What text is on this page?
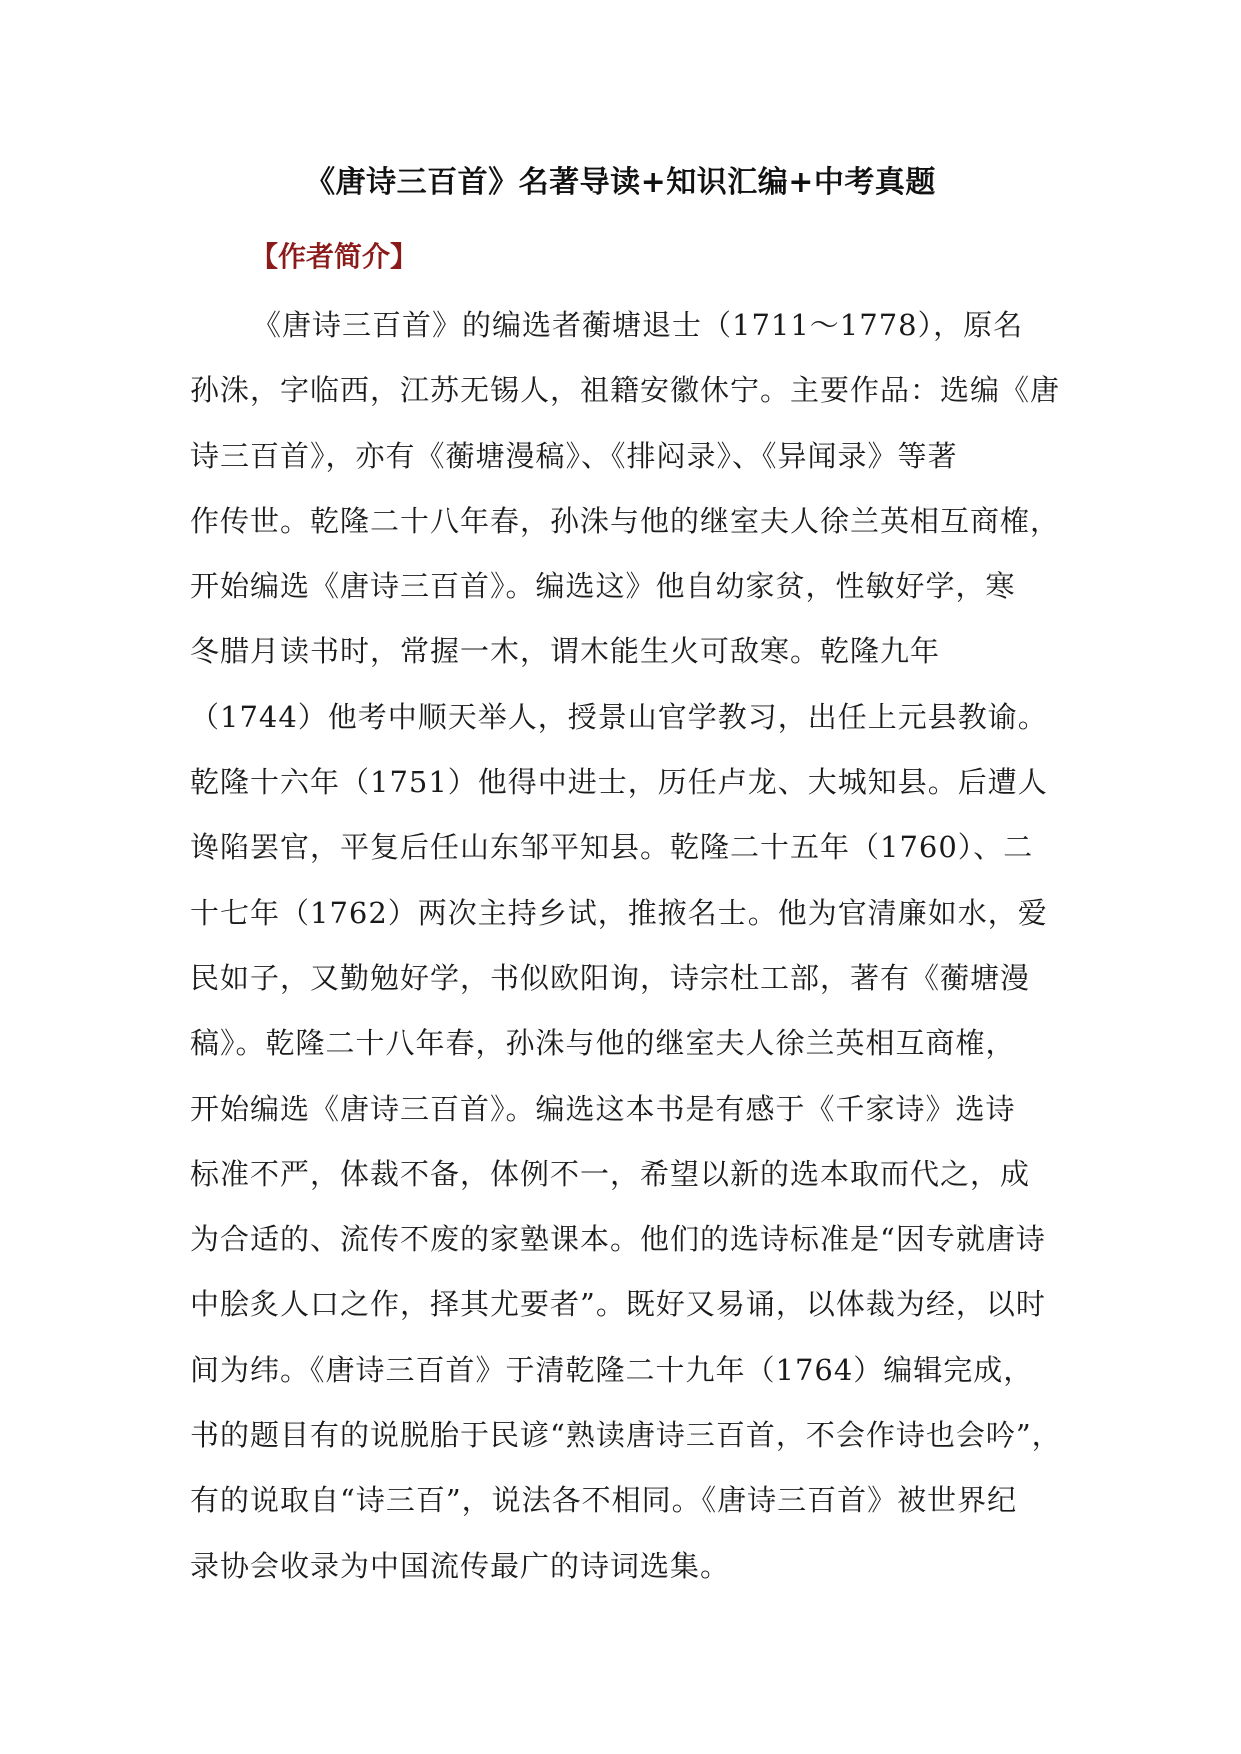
《唐诗三百首》名著导读+知识汇编+中考真题
【作者简介】
《唐诗三百首》的编选者蘅塘退士（1711～1778），原名
孙洙，字临西，江苏无锡人，祖籍安徽休宁。主要作品：选编《唐
诗三百首》，亦有《蘅塘漫稿》、《排闷录》、《异闻录》等著
作传世。乾隆二十八年春，孙洙与他的继室夫人徐兰英相互商榷，
开始编选《唐诗三百首》。编选这》他自幼家贫，性敏好学，寒
冬腊月读书时，常握一木，谓木能生火可敌寒。乾隆九年
（1744）他考中顺天举人，授景山官学教习，出任上元县教谕。
乾隆十六年（1751）他得中进士，历任卢龙、大城知县。后遭人
谗陷罢官，平复后任山东邹平知县。乾隆二十五年（1760）、二
十七年（1762）两次主持乡试，推掖名士。他为官清廉如水，爱
民如子，又勤勉好学，书似欧阳询，诗宗杜工部，著有《蘅塘漫
稿》。乾隆二十八年春，孙洙与他的继室夫人徐兰英相互商榷，
开始编选《唐诗三百首》。编选这本书是有感于《千家诗》选诗
标准不严，体裁不备，体例不一，希望以新的选本取而代之，成
为合适的、流传不废的家塾课本。他们的选诗标准是“因专就唐诗
中脍炙人口之作，择其尤要者”。既好又易诵，以体裁为经，以时
间为纬。《唐诗三百首》于清乾隆二十九年（1764）编辑完成，
书的题目有的说脱胎于民谚“熟读唐诗三百首，不会作诗也会吟”，
有的说取自“诗三百”，说法各不相同。《唐诗三百首》被世界纪
录协会收录为中国流传最广的诗词选集。
